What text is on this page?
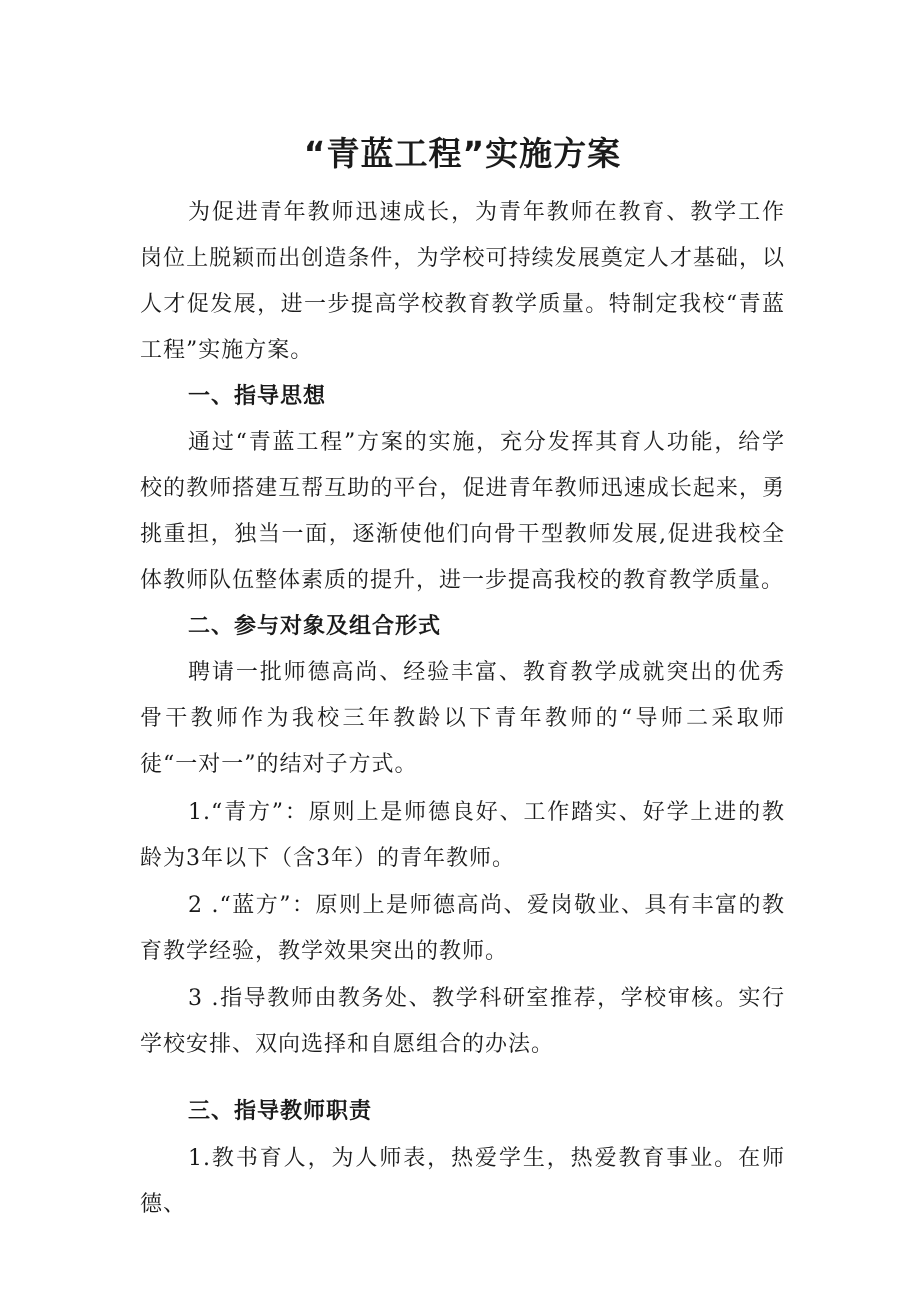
“青蓝工程”实施方案

为促进青年教师迅速成长，为青年教师在教育、教学工作岗位上脱颖而出创造条件，为学校可持续发展奠定人才基础，以人才促发展，进一步提高学校教育教学质量。特制定我校“青蓝工程”实施方案。

一、指导思想

通过“青蓝工程”方案的实施，充分发挥其育人功能，给学校的教师搭建互帮互助的平台，促进青年教师迅速成长起来，勇挑重担，独当一面，逐渐使他们向骨干型教师发展,促进我校全体教师队伍整体素质的提升，进一步提高我校的教育教学质量。

二、参与对象及组合形式

聘请一批师德高尚、经验丰富、教育教学成就突出的优秀骨干教师作为我校三年教龄以下青年教师的“导师二采取师徒“一对一”的结对子方式。

1.“青方”：原则上是师德良好、工作踏实、好学上进的教龄为3年以下（含3年）的青年教师。

2 .“蓝方”：原则上是师德高尚、爱岗敬业、具有丰富的教育教学经验，教学效果突出的教师。

3 .指导教师由教务处、教学科研室推荐，学校审核。实行学校安排、双向选择和自愿组合的办法。

三、指导教师职责

1.教书育人，为人师表，热爱学生，热爱教育事业。在师德、
